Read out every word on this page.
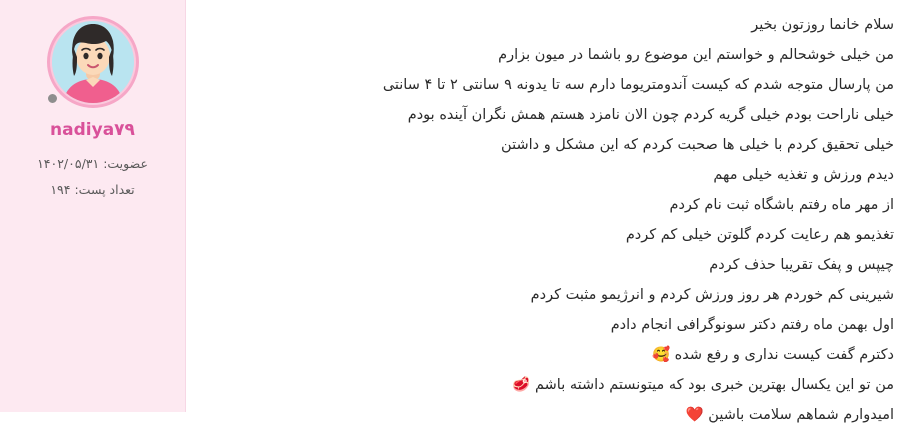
سلام خانما روزتون بخیر
من خیلی خوشحالم و خواستم این موضوع رو باشما در میون بزارم
من پارسال متوجه شدم که کیست آندومتریوما دارم سه تا یدونه ۹ سانتی ۲ تا ۴ سانتی
خیلی ناراحت بودم خیلی گریه کردم چون الان نامزد هستم همش نگران آینده بودم
خیلی تحقیق کردم با خیلی ها صحبت کردم که این مشکل و داشتن
دیدم ورزش و تغذیه خیلی مهم
از مهر ماه رفتم باشگاه ثبت نام کردم
تغذیمو هم رعایت کردم گلوتن خیلی کم کردم
چیپس و پفک تقریبا حذف کردم
شیرینی کم خوردم هر روز ورزش کردم و انرژیمو مثبت کردم
اول بهمن ماه رفتم دکتر سونوگرافی انجام دادم
دکترم گفت کیست نداری و رفع شده 🥰
من تو این یکسال بهترین خبری بود که میتونستم داشته باشم 🥩
امیدوارم شماهم سلامت باشین ❤️
nadiya۷۹
عضویت: ۱۴۰۲/۰۵/۳۱
تعداد پست: ۱۹۴
